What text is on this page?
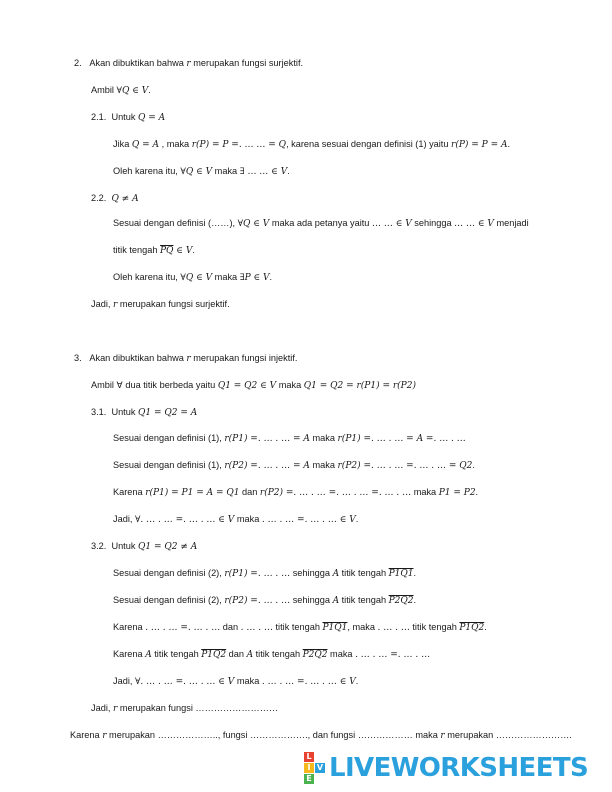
2. Akan dibuktikan bahwa r merupakan fungsi surjektif.
Ambil ∀Q ∈ V.
2.1. Untuk Q = A
Jika Q = A , maka r(P) = P =. … … = Q, karena sesuai dengan definisi (1) yaitu r(P) = P = A.
Oleh karena itu, ∀Q ∈ V maka ∃ … … ∈ V.
2.2. Q ≠ A
Sesuai dengan definisi (……), ∀Q ∈ V maka ada petanya yaitu … … ∈ V sehingga … … ∈ V menjadi
titik tengah $\overline{PQ}$ ∈ V.
Oleh karena itu, ∀Q ∈ V maka ∃P ∈ V.
Jadi, r merupakan fungsi surjektif.
3. Akan dibuktikan bahwa r merupakan fungsi injektif.
Ambil ∀ dua titik berbeda yaitu Q1 = Q2 ∈ V maka Q1 = Q2 = r(P1) = r(P2)
3.1. Untuk Q1 = Q2 = A
Sesuai dengan definisi (1), r(P1) =. … . … = A maka r(P1) =. … . … = A =. … . …
Sesuai dengan definisi (1), r(P2) =. … . … = A maka r(P2) =. … . … =. … . … = Q2.
Karena r(P1) = P1 = A = Q1 dan r(P2) =. … . … =. … . … =. … . … maka P1 = P2.
Jadi, ∀. … . … =. … . … ∈ V maka . … . … =. … . … ∈ V.
3.2. Untuk Q1 = Q2 ≠ A
Sesuai dengan definisi (2), r(P1) =. … . … sehingga A titik tengah P1Q1.
Sesuai dengan definisi (2), r(P2) =. … . … sehingga A titik tengah P2Q2.
Karena . … . … =. … . … dan . … . … titik tengah P1Q1, maka . … . … titik tengah P1Q2.
Karena A titik tengah P1Q2 dan A titik tengah P2Q2 maka . … . … =. … . …
Jadi, ∀. … . … =. … . … ∈ V maka . … . … =. … . … ∈ V.
Jadi, r merupakan fungsi ………………………
Karena r merupakan ……………….., fungsi ………………., dan fungsi ……………… maka r merupakan …………………….
L
I V
E LIVEWORKSHEETS
